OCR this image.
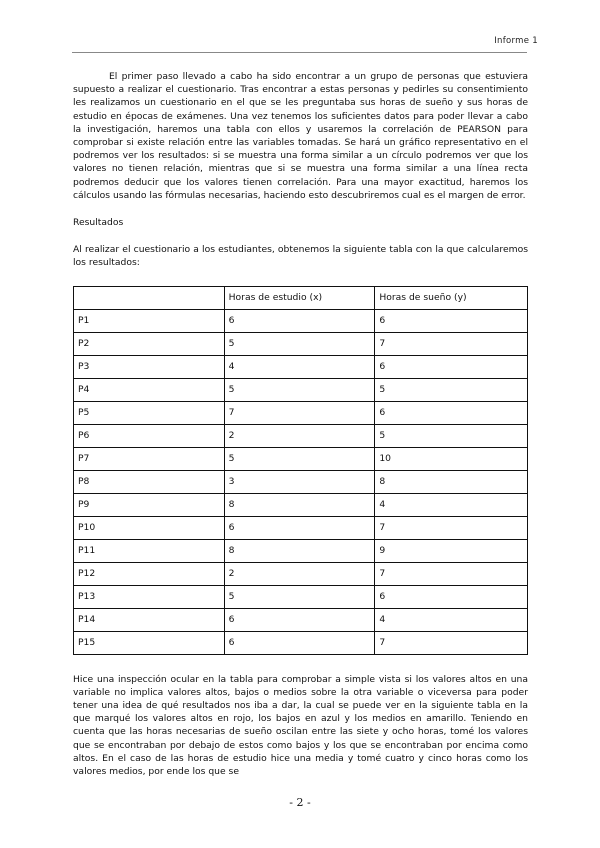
Informe 1

El primer paso llevado a cabo ha sido encontrar a un grupo de personas que estuviera supuesto a realizar el cuestionario. Tras encontrar a estas personas y pedirles su consentimiento les realizamos un cuestionario en el que se les preguntaba sus horas de sueño y sus horas de estudio en épocas de exámenes. Una vez tenemos los suficientes datos para poder llevar a cabo la investigación, haremos una tabla con ellos y usaremos la correlación de PEARSON para comprobar si existe relación entre las variables tomadas. Se hará un gráfico representativo en el podremos ver los resultados: si se muestra una forma similar a un círculo podremos ver que los valores no tienen relación, mientras que si se muestra una forma similar a una línea recta podremos deducir que los valores tienen correlación. Para una mayor exactitud, haremos los cálculos usando las fórmulas necesarias, haciendo esto descubriremos cual es el margen de error.

Resultados

Al realizar el cuestionario a los estudiantes, obtenemos la siguiente tabla con la que calcularemos los resultados:

	Horas de estudio (x)	Horas de sueño (y)
P1	6	6
P2	5	7
P3	4	6
P4	5	5
P5	7	6
P6	2	5
P7	5	10
P8	3	8
P9	8	4
P10	6	7
P11	8	9
P12	2	7
P13	5	6
P14	6	4
P15	6	7

Hice una inspección ocular en la tabla para comprobar a simple vista si los valores altos en una variable no implica valores altos, bajos o medios sobre la otra variable o viceversa para poder tener una idea de qué resultados nos iba a dar, la cual se puede ver en la siguiente tabla en la que marqué los valores altos en rojo, los bajos en azul y los medios en amarillo. Teniendo en cuenta que las horas necesarias de sueño oscilan entre las siete y ocho horas, tomé los valores que se encontraban por debajo de estos como bajos y los que se encontraban por encima como altos. En el caso de las horas de estudio hice una media y tomé cuatro y cinco horas como los valores medios, por ende los que se

- 2 -
